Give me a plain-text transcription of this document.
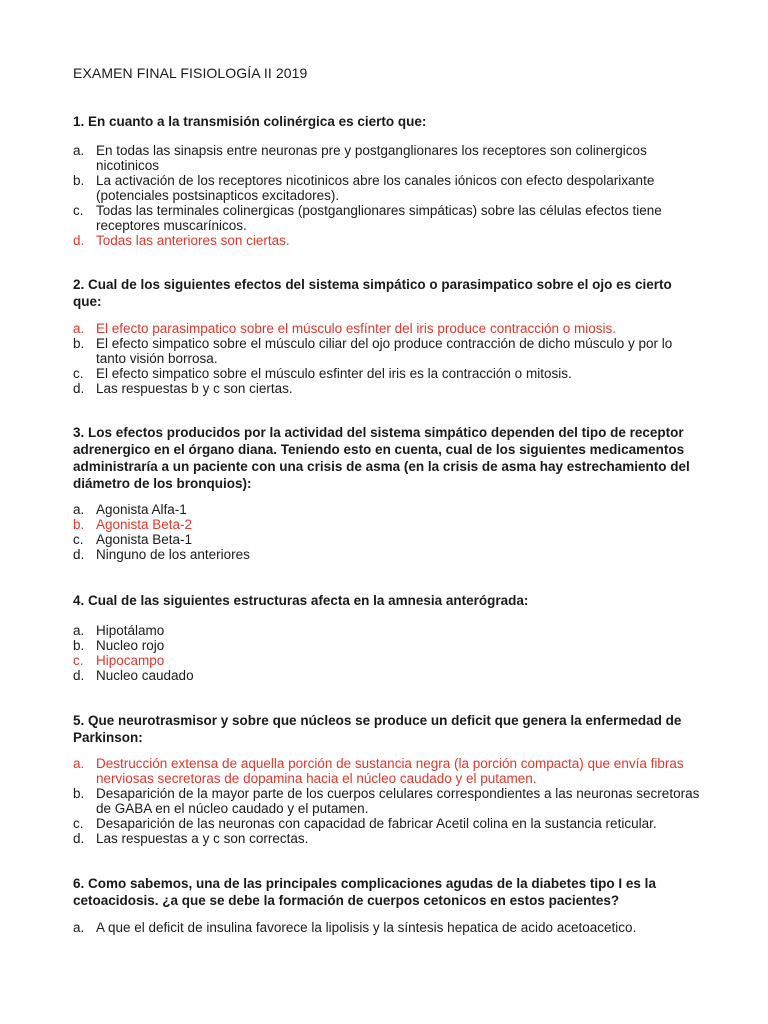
EXAMEN FINAL FISIOLOGÍA II 2019
1. En cuanto a la transmisión colinérgica es cierto que:
a. En todas las sinapsis entre neuronas pre y postganglionares los receptores son colinergicos nicotinicos
b. La activación de los receptores nicotinicos abre los canales iónicos con efecto despolarixante (potenciales postsinapticos excitadores).
c. Todas las terminales colinergicas (postganglionares simpáticas) sobre las células efectos tiene receptores muscarínicos.
d. Todas las anteriores son ciertas.
2. Cual de los siguientes efectos del sistema simpático o parasimpatico sobre el ojo es cierto que:
a. El efecto parasimpatico sobre el músculo esfínter del iris produce contracción o miosis.
b. El efecto simpatico sobre el músculo ciliar del ojo produce contracción de dicho músculo y por lo tanto visión borrosa.
c. El efecto simpatico sobre el músculo esfinter del iris es la contracción o mitosis.
d. Las respuestas b y c son ciertas.
3. Los efectos producidos por la actividad del sistema simpático dependen del tipo de receptor adrenergico en el órgano diana. Teniendo esto en cuenta, cual de los siguientes medicamentos administraría a un paciente con una crisis de asma (en la crisis de asma hay estrechamiento del diámetro de los bronquios):
a. Agonista Alfa-1
b. Agonista Beta-2
c. Agonista Beta-1
d. Ninguno de los anteriores
4. Cual de las siguientes estructuras afecta en la amnesia anterógrada:
a. Hipotálamo
b. Nucleo rojo
c. Hipocampo
d. Nucleo caudado
5. Que neurotrasmisor y sobre que núcleos se produce un deficit que genera la enfermedad de Parkinson:
a. Destrucción extensa de aquella porción de sustancia negra (la porción compacta) que envía fibras nerviosas secretoras de dopamina hacia el núcleo caudado y el putamen.
b. Desaparición de la mayor parte de los cuerpos celulares correspondientes a las neuronas secretoras de GABA en el núcleo caudado y el putamen.
c. Desaparición de las neuronas con capacidad de fabricar Acetil colina en la sustancia reticular.
d. Las respuestas a y c son correctas.
6. Como sabemos, una de las principales complicaciones agudas de la diabetes tipo I es la cetoacidosis. ¿a que se debe la formación de cuerpos cetonicos en estos pacientes?
a. A que el deficit de insulina favorece la lipolisis y la síntesis hepatica de acido acetoacetico.
